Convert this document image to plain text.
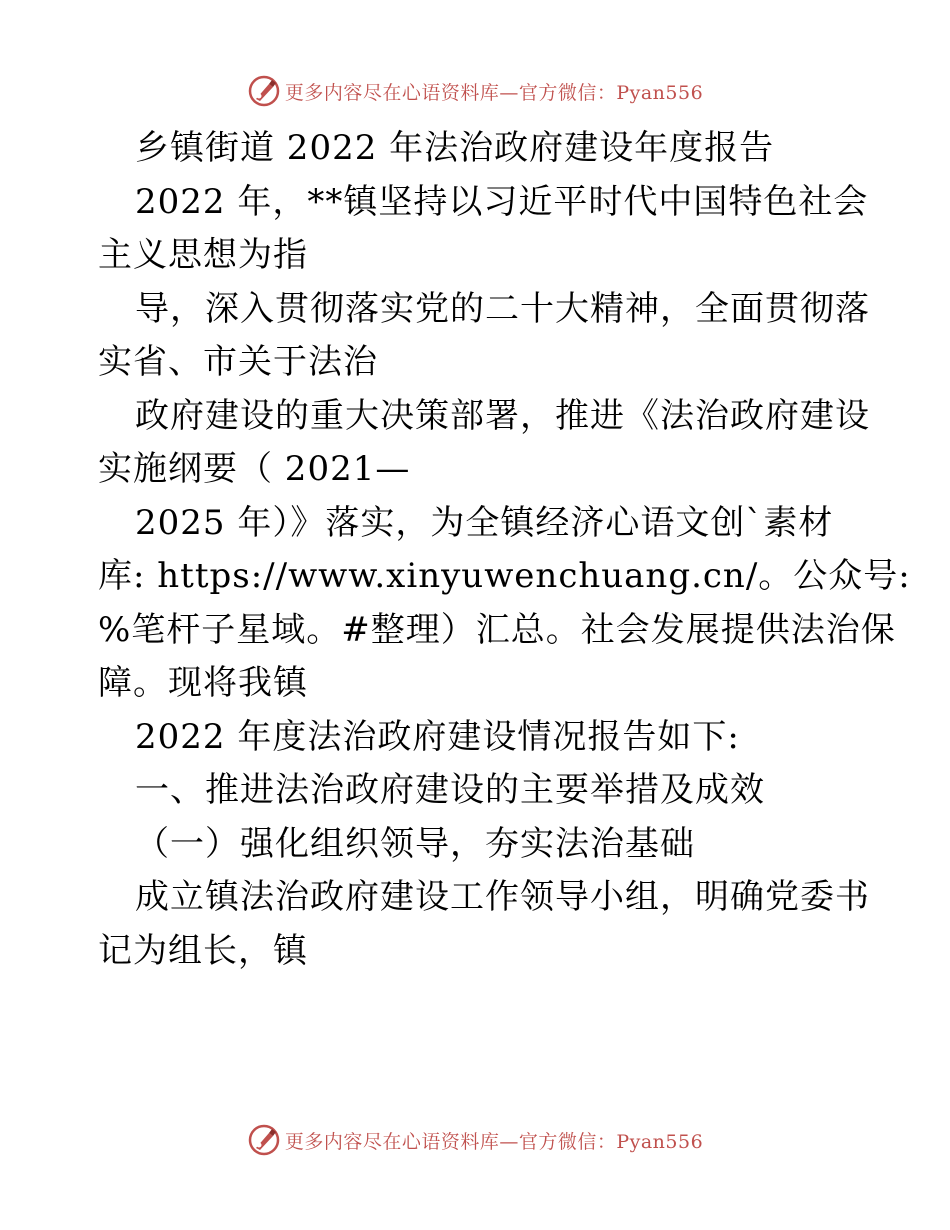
更多内容尽在心语资料库—官方微信：Pyan556
乡镇街道 2022 年法治政府建设年度报告
2022 年，**镇坚持以习近平时代中国特色社会
主义思想为指
导，深入贯彻落实党的二十大精神，全面贯彻落
实省、市关于法治
政府建设的重大决策部署，推进《法治政府建设
实施纲要（ 2021—
2025 年）》落实，为全镇经济心语文创`素材
库: https://www.xinyuwenchuang.cn/。公众号:
%笔杆子星域。#整理）汇总。社会发展提供法治保
障。现将我镇
2022 年度法治政府建设情况报告如下:
一、推进法治政府建设的主要举措及成效
（一）强化组织领导，夯实法治基础
成立镇法治政府建设工作领导小组，明确党委书
记为组长，镇
更多内容尽在心语资料库—官方微信：Pyan556
